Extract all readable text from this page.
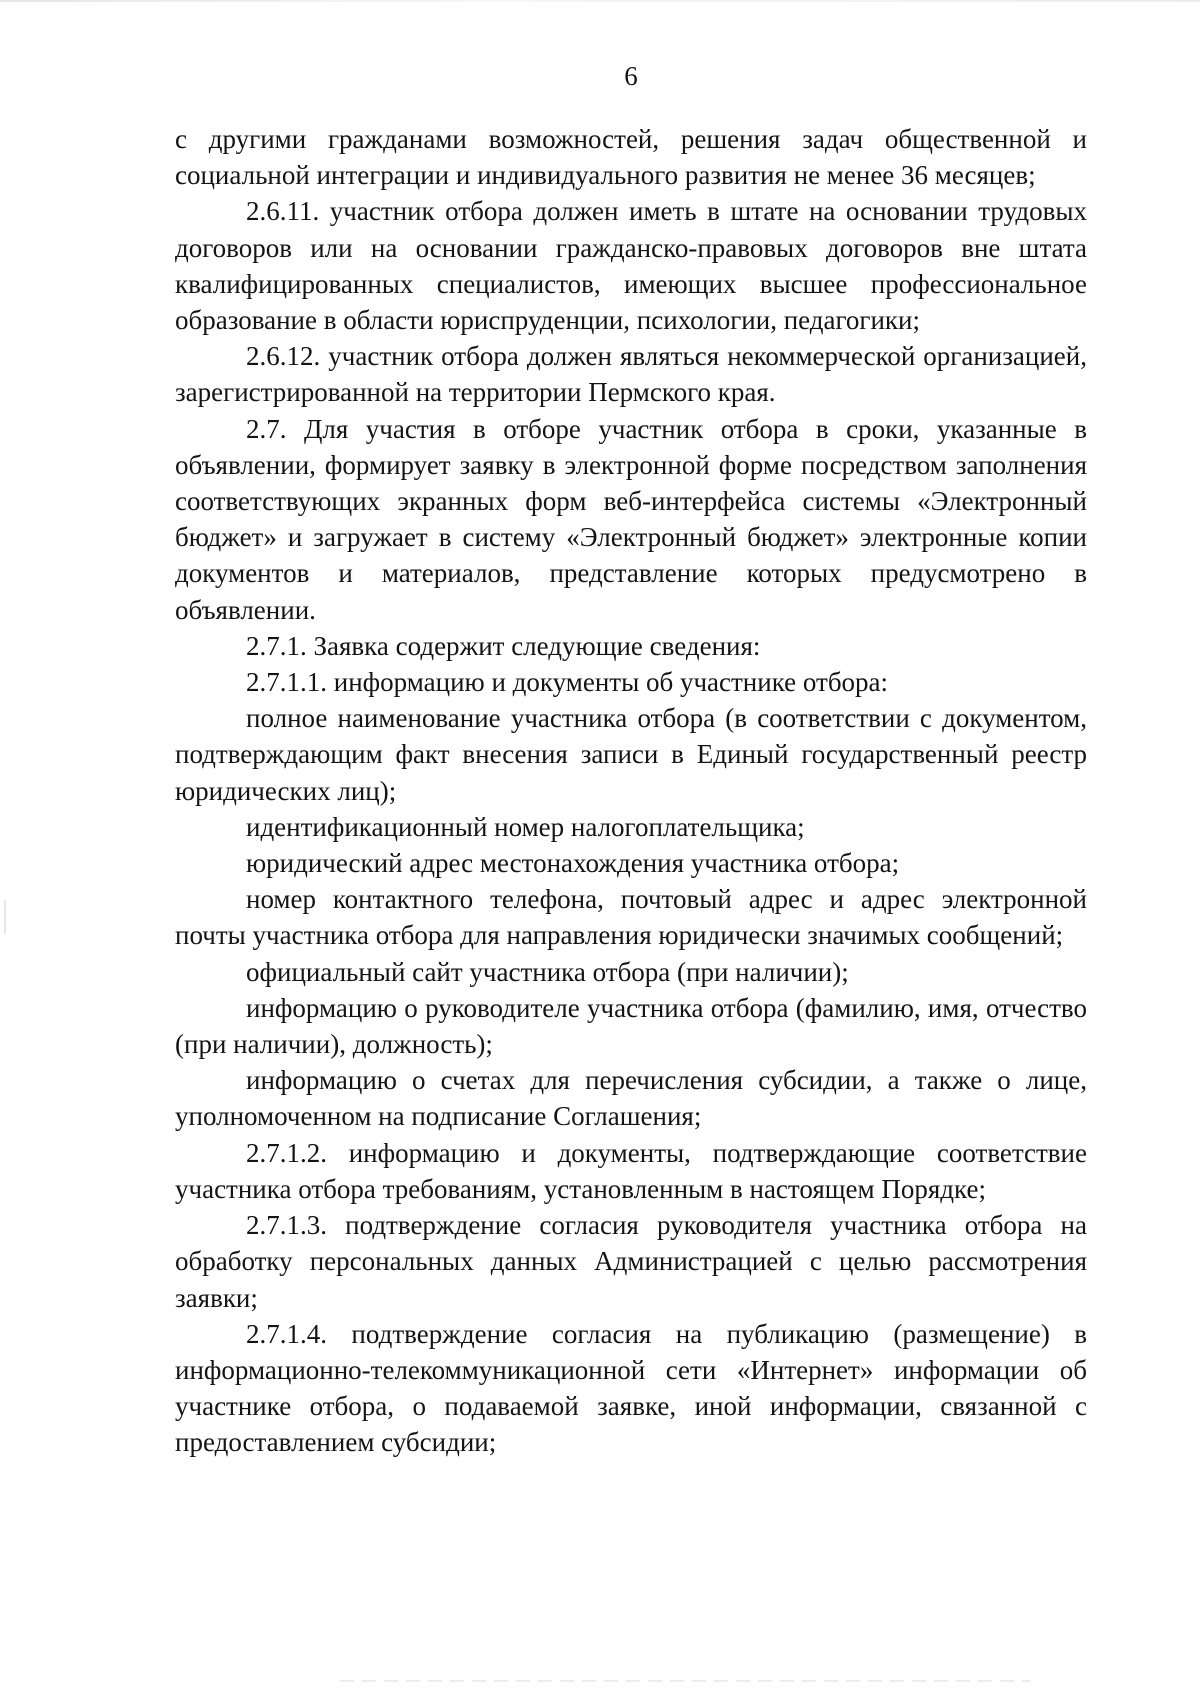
6

с другими гражданами возможностей, решения задач общественной и социальной интеграции и индивидуального развития не менее 36 месяцев;

2.6.11. участник отбора должен иметь в штате на основании трудовых договоров или на основании гражданско-правовых договоров вне штата квалифицированных специалистов, имеющих высшее профессиональное образование в области юриспруденции, психологии, педагогики;

2.6.12. участник отбора должен являться некоммерческой организацией, зарегистрированной на территории Пермского края.

2.7. Для участия в отборе участник отбора в сроки, указанные в объявлении, формирует заявку в электронной форме посредством заполнения соответствующих экранных форм веб-интерфейса системы «Электронный бюджет» и загружает в систему «Электронный бюджет» электронные копии документов и материалов, представление которых предусмотрено в объявлении.

2.7.1. Заявка содержит следующие сведения:

2.7.1.1. информацию и документы об участнике отбора:

полное наименование участника отбора (в соответствии с документом, подтверждающим факт внесения записи в Единый государственный реестр юридических лиц);

идентификационный номер налогоплательщика;

юридический адрес местонахождения участника отбора;

номер контактного телефона, почтовый адрес и адрес электронной почты участника отбора для направления юридически значимых сообщений;

официальный сайт участника отбора (при наличии);

информацию о руководителе участника отбора (фамилию, имя, отчество (при наличии), должность);

информацию о счетах для перечисления субсидии, а также о лице, уполномоченном на подписание Соглашения;

2.7.1.2. информацию и документы, подтверждающие соответствие участника отбора требованиям, установленным в настоящем Порядке;

2.7.1.3. подтверждение согласия руководителя участника отбора на обработку персональных данных Администрацией с целью рассмотрения заявки;

2.7.1.4. подтверждение согласия на публикацию (размещение) в информационно-телекоммуникационной сети «Интернет» информации об участнике отбора, о подаваемой заявке, иной информации, связанной с предоставлением субсидии;
